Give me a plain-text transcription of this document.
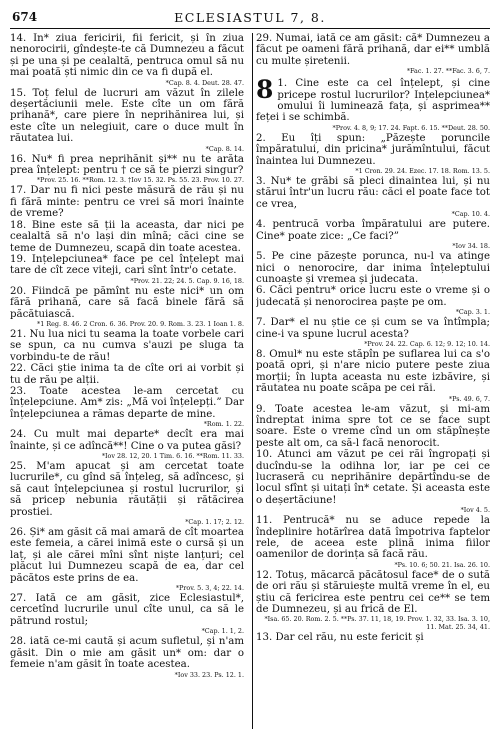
674	ECLESIASTUL 7, 8.

14. In* ziua fericirii, fii fericit, și în ziua nenorocirii, gîndește-te că Dumnezeu a făcut și pe una și pe cealaltă, pentruca omul să nu mai poată ști nimic din ce va fi după el.

*Cap. 8. 4. Deut. 28. 47.

15. Toț felul de lucruri am văzut în zilele deșertăciunii mele. Este cîte un om fără prihană*, care piere în neprihănirea lui, și este cîte un nelegiuit, care o duce mult în răutatea lui.

*Cap. 8. 14.

16. Nu* fi prea neprihănit și** nu te arăta prea înțelept: pentru † ce să te pierzi singur?

*Prov. 25. 16. **Rom. 12. 3. †Iov 15. 32. Ps. 55. 23. Prov. 10. 27.

17. Dar nu fi nici peste măsură de rău și nu fi fără minte: pentru ce vrei să mori înainte de vreme?

18. Bine este să ții la aceasta, dar nici pe cealaltă să n'o lași din mînă; căci cine se teme de Dumnezeu, scapă din toate acestea.

19. Ințelepciunea* face pe cel înțelept mai tare de cît zece viteji, cari sînt într'o cetate.

*Prov. 21. 22; 24. 5. Cap. 9. 16, 18.

20. Fiindcă pe pămînt nu este nici* un om fără prihană, care să facă binele fără să păcătuiască.

*1 Reg. 8. 46. 2 Cron. 6. 36. Prov. 20. 9. Rom. 3. 23. 1 Ioan 1. 8.

21. Nu lua nici tu seama la toate vorbele cari se spun, ca nu cumva s'auzi pe sluga ta vorbindu-te de rău!

22. Căci știe inima ta de cîte ori ai vorbit și tu de rău pe alții.

23. Toate acestea le-am cercetat cu înțelepciune. Am* zis: „Mă voi înțelepți.” Dar înțelepciunea a rămas departe de mine.

*Rom. 1. 22.

24. Cu mult mai departe* decît era mai înainte, și ce adîncă**! Cine o va putea găsi?

*Iov 28. 12, 20. 1 Tim. 6. 16. **Rom. 11. 33.

25. M'am apucat și am cercetat toate lucrurile*, cu gînd să înțeleg, să adîncesc, și să caut înțelepciunea și rostul lucrurilor, și să pricep nebunia răutății și rătăcirea prostiei.

*Cap. 1. 17; 2. 12.

26. Și* am găsit că mai amară de cît moartea este femeia, a cărei inimă este o cursă și un laț, și ale cărei mîni sînt niște lanțuri; cel plăcut lui Dumnezeu scapă de ea, dar cel păcătos este prins de ea.

*Prov. 5. 3, 4; 22. 14.

27. Iată ce am găsit, zice Eclesiastul*, cercetînd lucrurile unul cîte unul, ca să le pătrund rostul;

*Cap. 1. 1, 2.

28. iată ce-mi caută și acum sufletul, și n'am găsit. Din o mie am găsit un* om: dar o femeie n'am găsit în toate acestea.

*Iov 33. 23. Ps. 12. 1.

29. Numai, iată ce am găsit: că* Dumnezeu a făcut pe oameni fără prihană, dar ei** umblă cu multe șiretenii.

*Fac. 1. 27. **Fac. 3. 6, 7.

8 1. Cine este ca cel înțelept, și cine pricepe rostul lucrurilor? Ințelepciunea* omului îi luminează fața, și asprimea** feței i se schimbă.

*Prov. 4. 8, 9; 17. 24. Fapt. 6. 15. **Deut. 28. 50.

2. Eu îți spun: „Păzește poruncile împăratului, din pricina* jurămîntului, făcut înaintea lui Dumnezeu.

*1 Cron. 29. 24. Ezec. 17. 18. Rom. 13. 5.

3. Nu* te grăbi să pleci dinaintea lui, și nu stărui într'un lucru rău: căci el poate face tot ce vrea,

*Cap. 10. 4.

4. pentrucă vorba împăratului are putere. Cine* poate zice: „Ce faci?”

*Iov 34. 18.

5. Pe cine păzește porunca, nu-l va atinge nici o nenorocire, dar inima înțeleptului cunoaște și vremea și judecata.

6. Căci pentru* orice lucru este o vreme și o judecată și nenorocirea paște pe om.

*Cap. 3. 1.

7. Dar* el nu știe ce și cum se va întîmpla; cine-i va spune lucrul acesta?

*Prov. 24. 22. Cap. 6. 12; 9. 12; 10. 14.

8. Omul* nu este stăpîn pe suflarea lui ca s'o poată opri, și n'are nicio putere peste ziua morții; în lupta aceasta nu este izbăvire, și răutatea nu poate scăpa pe cei răi.

*Ps. 49. 6, 7.

9. Toate acestea le-am văzut, și mi-am îndreptat inima spre tot ce se face supt soare. Este o vreme cînd un om stăpînește peste alt om, ca să-l facă nenorocit.

10. Atunci am văzut pe cei răi îngropați și ducîndu-se la odihna lor, iar pe cei ce lucraseră cu neprihănire depărtîndu-se de locul sfînt și uitați în* cetate. Și aceasta este o deșertăciune!

*Iov 4. 5.

11. Pentrucă* nu se aduce repede la îndeplinire hotărîrea dată împotriva faptelor rele, de aceea este plină inima fiilor oamenilor de dorința să facă rău.

*Ps. 10. 6; 50. 21. Isa. 26. 10.

12. Totuș, măcarcă păcătosul face* de o sută de ori rău și stăruiește multă vreme în el, eu știu că fericirea este pentru cei ce** se tem de Dumnezeu, și au frică de El.

*Isa. 65. 20. Rom. 2. 5. **Ps. 37. 11, 18, 19. Prov. 1. 32, 33. Isa. 3. 10, 11. Mat. 25. 34, 41.

13. Dar cel rău, nu este fericit și
